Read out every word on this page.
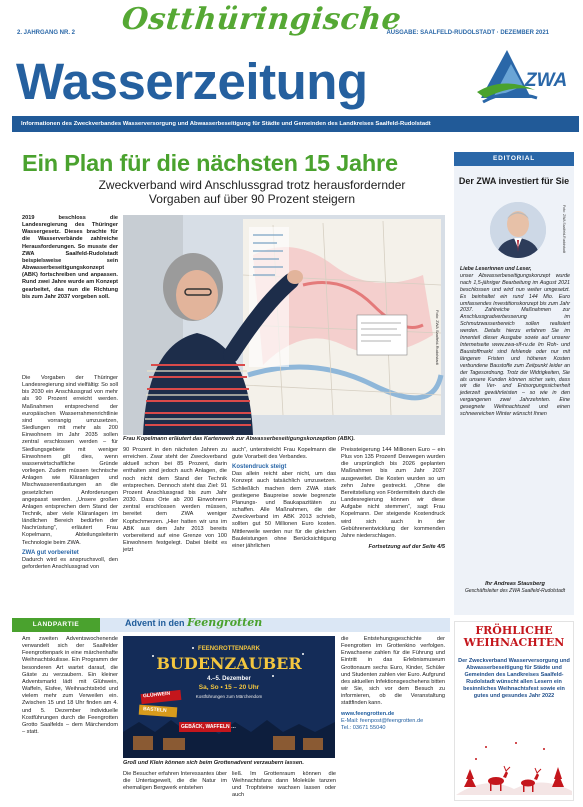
2. JAHRGANG NR. 2	AUSGABE: SAALFELD-RUDOLSTADT · DEZEMBER 2021
Ostthüringische
Wasserzeitung	ZWA
Informationen des Zweckverbandes Wasserversorgung und Abwasserbeseitigung für Städte und Gemeinden des Landkreises Saalfeld-Rudolstadt
Ein Plan für die nächsten 15 Jahre
Zweckverband wird Anschlussgrad trotz herausfordernder Vorgaben auf über 90 Prozent steigern

2019 beschloss die Landesregierung des Thüringer Wassergesetz. Dieses brachte für die Wasserverbände zahlreiche Herausforderungen. So musste der ZWA Saalfeld-Rudolstadt beispielsweise sein Abwasserbeseitigungskonzept (ABK) fortschreiben und anpassen. Rund zwei Jahre wurde am Konzept gearbeitet, das nun die Richtung bis zum Jahr 2037 vorgeben soll.

Die Vorgaben der Thüringer Landesregierung sind vielfältig: So soll bis 2030 ein Anschlussgrad von mehr als 90 Prozent erreicht werden. Maßnahmen entsprechend der europäischen Wasserrahmenrichtlinie sind vorrangig umzusetzen, Siedlungen mit mehr als 200 Einwohnern im Jahr 2035 sollen zentral erschlossen werden – für Siedlungsgebiete mit weniger Einwohnern gilt dies, wenn wasserwirtschaftliche Gründe vorliegen. Zudem müssen technische Anlagen wie Kläranlagen und Mischwasserentlastungen an die gesetzlichen Anforderungen angepasst werden. „Unsere großen Anlagen entsprechen dem Stand der Technik, aber viele Kläranlagen im ländlichen Bereich bedürfen der Nachrüstung“, erläutert Frau Kopelmann, Abteilungsleiterin Technologie beim ZWA.

ZWA gut vorbereitet

Dadurch wird es anspruchsvoll, den geforderten Anschlussgrad von

Foto: ZWA Saalfeld-Rudolstadt
Frau Kopelmann erläutert das Kartenwerk zur Abwasserbeseitigungskonzeption (ABK).

90 Prozent in den nächsten Jahren zu erreichen. Zwar steht der Zweckverband aktuell schon bei 85 Prozent, darin enthalten sind jedoch auch Anlagen, die noch nicht dem Stand der Technik entsprechen. Dennoch steht das Ziel: 91 Prozent Anschlussgrad bis zum Jahr 2030. Dass Orte ab 200 Einwohnern zentral erschlossen werden müssen, bereitet dem ZWA weniger Kopfschmerzen. „Hier hatten wir uns im ABK aus dem Jahr 2013 bereits vorbereitend auf eine Grenze von 100 Einwohnern festgelegt. Dabei bleibt es jetzt

auch“, unterstreicht Frau Kopelmann die gute Vorarbeit des Verbandes.

Kostendruck steigt

Das allein reicht aber nicht, um das Konzept auch tatsächlich umzusetzen. Schließlich machen dem ZWA stark gestiegene Baupreise sowie begrenzte Planungs- und Baukapazitäten zu schaffen. Alle Maßnahmen, die der Zweckverband im ABK 2013 schrieb, sollten gut 50 Millionen Euro kosten. Mittlerweile werden nur für die gleichen Bauleistungen ohne Berücksichtigung einer jährlichen

Preissteigerung 144 Millionen Euro – ein Plus von 135 Prozent! Deswegen wurden die ursprünglich bis 2026 geplanten Maßnahmen bis zum Jahr 2037 ausgeweitet. Die Kosten wurden so um zehn Jahre gestreckt. „Ohne die Bereitstellung von Fördermitteln durch die Landesregierung können wir diese Aufgabe nicht stemmen“, sagt Frau Kopelmann. Der steigende Kostendruck wird sich auch in der Gebührenentwicklung der kommenden Jahre niederschlagen.

Fortsetzung auf der Seite 4/5

EDITORIAL
Der ZWA investiert für Sie
Foto: ZWA Saalfeld-Rudolstadt

Liebe Leserinnen und Leser,

unser Abwasserbeseitigungskonzept wurde nach 1,5-jähriger Bearbeitung im August 2021 beschlossen und wird nun weiter umgesetzt. Es beinhaltet ein rund 144 Mio. Euro umfassendes Investitionskonzept bis zum Jahr 2037. Zahlreiche Maßnahmen zur Anschlussgradverbesserung im Schmutzwasserbereich sollen realisiert werden. Details hierzu erfahren Sie im Innenteil dieser Ausgabe sowie auf unserer Internetseite www.zwa-slf-ru.de Im Roh- und Baustoffmarkt sind fehlende oder nur mit längeren Fristen und höheren Kosten verbundene Baustoffe zum Zeitpunkt leider an der Tagesordnung. Trotz der Widrigkeiten, Sie als unsere Kunden können sicher sein, dass wir die Ver- und Entsorgungssicherheit jederzeit gewährleisten – so wie in den vergangenen zwei Jahrzehnten. Eine gesegnete Weihnachtszeit und einen schneereichen Winter wünscht Ihnen

Ihr Andreas Stausberg

Geschäftsleiter des ZWA Saalfeld-Rudolstadt

LANDPARTIE	Advent in den Feengrotten

Am zweiten Adventswochenende verwandelt sich der Saalfelder Feengrottenpark in eine märchenhafte Weihnachtskulisse. Ein Programm der besonderen Art wartet darauf, die Gäste zu verzaubern. Ein kleiner Adventsmarkt lädt mit Glühwein, Waffeln, Eisfee, Weihnachtsbröd und vielem mehr zum Verweilen ein. Zwischen 15 und 18 Uhr finden am 4. und 5. Dezember individuelle Kostführungen durch die Feengrotten Grotto Saalfelds – dem Märchendom – statt.

FEENGROTTENPARK
BUDENZAUBER
4.–5. Dezember
Sa, So • 15 – 20 Uhr
Kostführungen zum Märchendom
GLÜHWEIN
BASTELN
GEBÄCK, WAFFELN …
Groß und Klein können sich beim Grottenadvent verzaubern lassen.

Die Besucher erfahren Interessantes über die Untertagewelt, die die Natur im ehemaligen Bergwerk entstehen

ließ. Im Grottenraum können die Weihnachtsfans dann Moleküle tanzen und Tropfsteine wachsen lassen oder auch

die Entstehungsgeschichte der Feengrotten im Grottenkino verfolgen. Erwachsene zahlen für die Führung und Eintritt in das Erlebnismuseum Grottonaum sechs Euro, Kinder, Schüler und Studenten zahlen vier Euro. Aufgrund des aktuellen Infektionsgeschehens bitten wir Sie, sich vor dem Besuch zu informieren, ob die Veranstaltung stattfinden kann.

www.feengrotten.de

E-Mail: feenpost@feengrotten.de

Tel.: 03671 55040

FRÖHLICHE
WEIHNACHTEN
Der Zweckverband Wasserversorgung und Abwasserbeseitigung für Städte und Gemeinden des Landkreises Saalfeld-Rudolstadt wünscht allen Lesern ein besinnliches Weihnachtsfest sowie ein gutes und gesundes Jahr 2022
